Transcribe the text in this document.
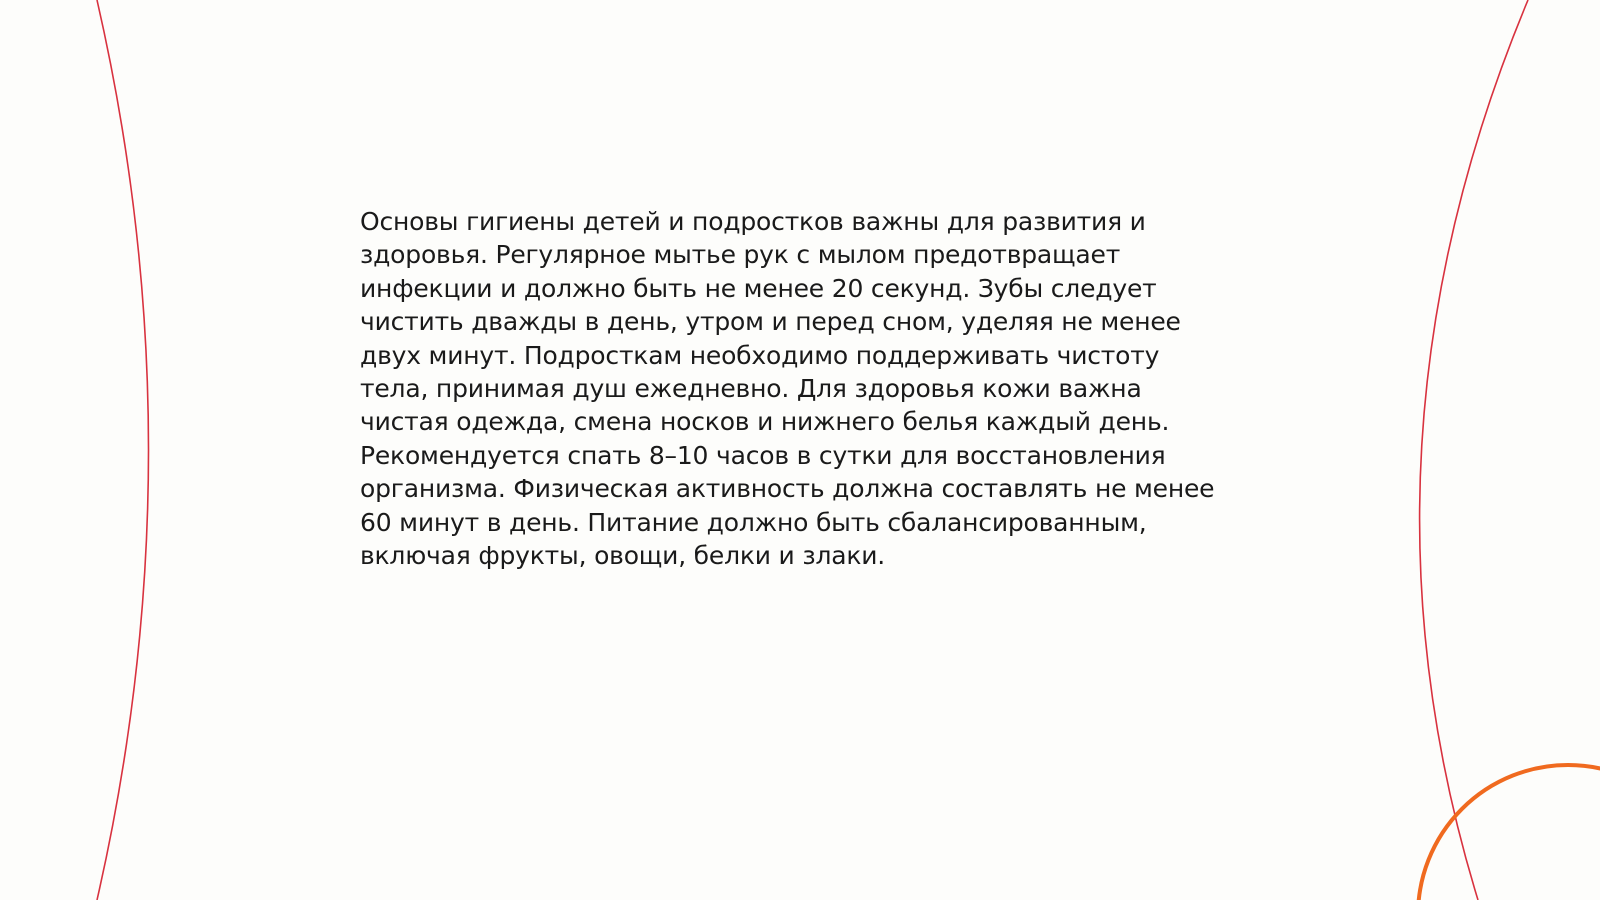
Основы гигиены детей и подростков важны для развития и здоровья. Регулярное мытье рук с мылом предотвращает инфекции и должно быть не менее 20 секунд. Зубы следует чистить дважды в день, утром и перед сном, уделяя не менее двух минут. Подросткам необходимо поддерживать чистоту тела, принимая душ ежедневно. Для здоровья кожи важна чистая одежда, смена носков и нижнего белья каждый день. Рекомендуется спать 8–10 часов в сутки для восстановления организма. Физическая активность должна составлять не менее 60 минут в день. Питание должно быть сбалансированным, включая фрукты, овощи, белки и злаки.
